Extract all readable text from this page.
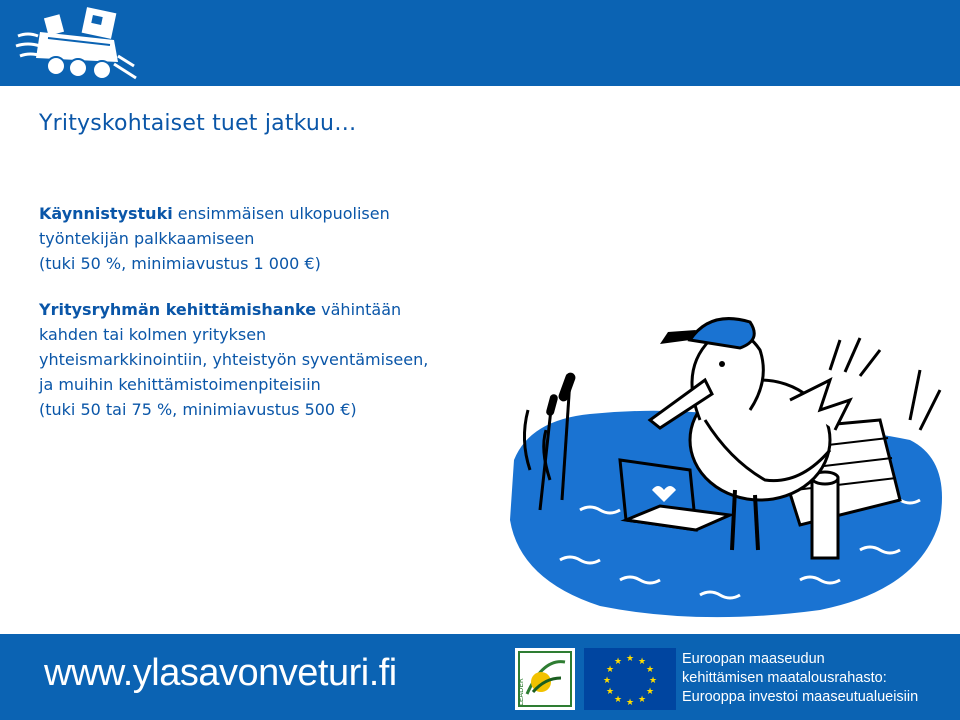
Yrityskohtaiset tuet jatkuu…

Käynnistystuki ensimmäisen ulkopuolisen
työntekijän palkkaamiseen
(tuki 50 %, minimiavustus 1 000 €)

Yritysryhmän kehittämishanke vähintään
kahden tai kolmen yrityksen
yhteismarkkinointiin, yhteistyön syventämiseen,
ja muihin kehittämistoimenpiteisiin
(tuki 50 tai 75 %, minimiavustus 500 €)

www.ylasavonveturi.fi	LEADER
★ ★
★
★
★
★
★
★
★
★
★
★	Euroopan maaseudun
kehittämisen maatalousrahasto:
Eurooppa investoi maaseutualueisiin
